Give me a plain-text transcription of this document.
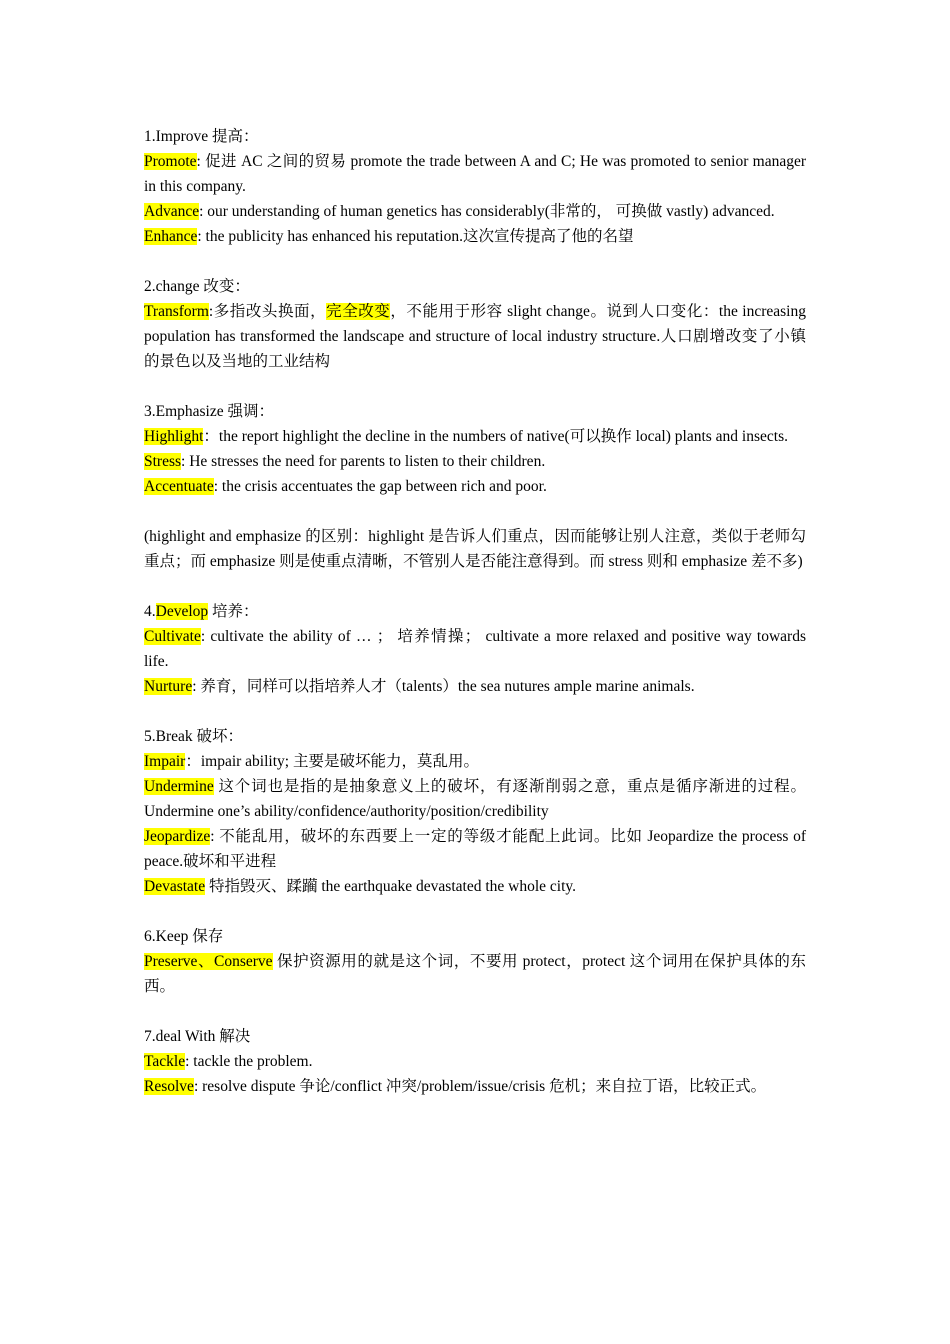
1.Improve 提高：

Promote: 促进 AC 之间的贸易 promote the trade between A and C; He was promoted to senior manager in this company.

Advance: our understanding of human genetics has considerably(非常的， 可换做 vastly) advanced.

Enhance: the publicity has enhanced his reputation.这次宣传提高了他的名望

2.change 改变：

Transform:多指改头换面，完全改变，不能用于形容 slight change。说到人口变化：the increasing population has transformed the landscape and structure of local industry structure.人口剧增改变了小镇的景色以及当地的工业结构

3.Emphasize 强调：

Highlight：the report highlight the decline in the numbers of native(可以换作 local) plants and insects.

Stress: He stresses the need for parents to listen to their children.

Accentuate: the crisis accentuates the gap between rich and poor.

(highlight and emphasize 的区别：highlight 是告诉人们重点，因而能够让别人注意，类似于老师勾重点；而 emphasize 则是使重点清晰，不管别人是否能注意得到。而 stress 则和 emphasize 差不多)

4.Develop 培养：

Cultivate: cultivate the ability of … ； 培养情操； cultivate a more relaxed and positive way towards life.

Nurture: 养育，同样可以指培养人才（talents）the sea nutures ample marine animals.

5.Break 破坏：

Impair：impair ability; 主要是破坏能力，莫乱用。

Undermine 这个词也是指的是抽象意义上的破坏，有逐渐削弱之意，重点是循序渐进的过程。Undermine one’s ability/confidence/authority/position/credibility

Jeopardize: 不能乱用，破坏的东西要上一定的等级才能配上此词。比如 Jeopardize the process of peace.破坏和平进程

Devastate 特指毁灭、蹂躏 the earthquake devastated the whole city.

6.Keep 保存

Preserve、Conserve 保护资源用的就是这个词，不要用 protect，protect 这个词用在保护具体的东西。

7.deal With 解决

Tackle: tackle the problem.

Resolve: resolve dispute 争论/conflict 冲突/problem/issue/crisis 危机；来自拉丁语，比较正式。
